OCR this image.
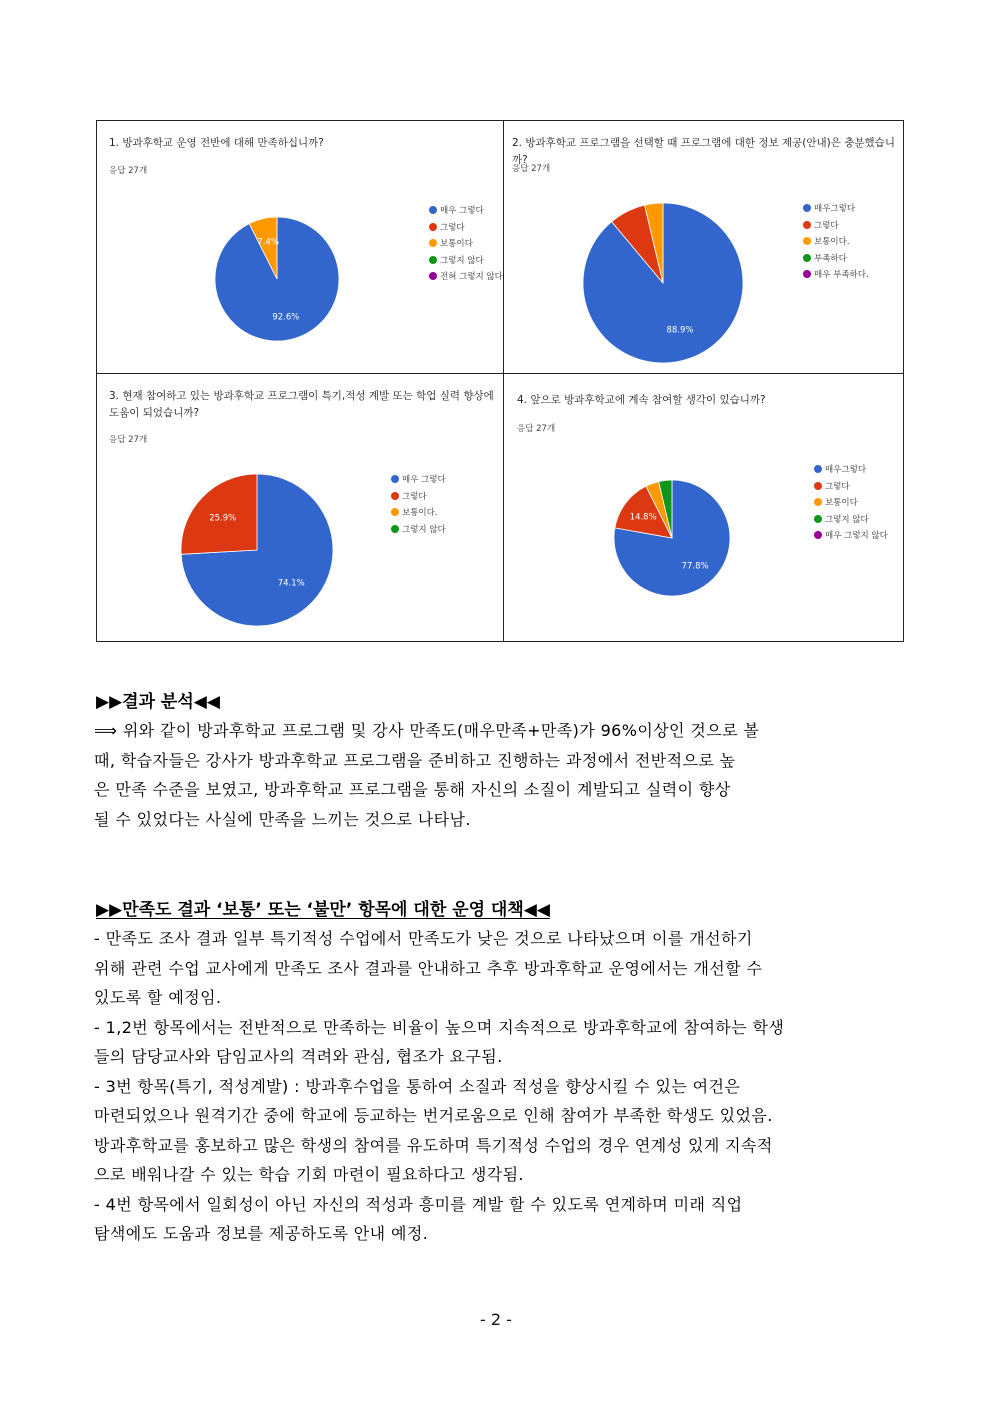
1. 방과후학교 운영 전반에 대해 만족하십니까?
응답 27개
92.6%
7.4%
매우 그렇다
그렇다
보통이다
그렇지 않다
전혀 그렇지 않다
2. 방과후학교 프로그램을 선택할 때 프로그램에 대한 정보 제공(안내)은 충분했습니까?
응답 27개
88.9%
매우그렇다
그렇다
보통이다.
부족하다
매우 부족하다.
3. 현재 참여하고 있는 방과후학교 프로그램이 특기,적성 계발 또는 학업 실력 향상에 도움이 되었습니까?
응답 27개
74.1%
25.9%
매우 그렇다
그렇다
보통이다.
그렇지 않다
4. 앞으로 방과후학교에 계속 참여할 생각이 있습니까?
응답 27개
77.8%
14.8%
매우그렇다
그렇다
보통이다
그렇지 않다
매우 그렇지 않다
▶▶결과 분석◀◀

⟹ 위와 같이 방과후학교 프로그램 및 강사 만족도(매우만족+만족)가 96%이상인 것으로 볼

때, 학습자들은 강사가 방과후학교 프로그램을 준비하고 진행하는 과정에서 전반적으로 높

은 만족 수준을 보였고, 방과후학교 프로그램을 통해 자신의 소질이 계발되고 실력이 향상

될 수 있었다는 사실에 만족을 느끼는 것으로 나타남.

▶▶만족도 결과 ‘보통’ 또는 ‘불만’ 항목에 대한 운영 대책◀◀

- 만족도 조사 결과 일부 특기적성 수업에서 만족도가 낮은 것으로 나타났으며 이를 개선하기

위해 관련 수업 교사에게 만족도 조사 결과를 안내하고 추후 방과후학교 운영에서는 개선할 수

있도록 할 예정임.

- 1,2번 항목에서는 전반적으로 만족하는 비율이 높으며 지속적으로 방과후학교에 참여하는 학생

들의 담당교사와 담임교사의 격려와 관심, 협조가 요구됨.

- 3번 항목(특기, 적성계발) : 방과후수업을 통하여 소질과 적성을 향상시킬 수 있는 여건은

마련되었으나 원격기간 중에 학교에 등교하는 번거로움으로 인해 참여가 부족한 학생도 있었음.

방과후학교를 홍보하고 많은 학생의 참여를 유도하며 특기적성 수업의 경우 연계성 있게 지속적

으로 배워나갈 수 있는 학습 기회 마련이 필요하다고 생각됨.

- 4번 항목에서 일회성이 아닌 자신의 적성과 흥미를 계발 할 수 있도록 연계하며 미래 직업

탐색에도 도움과 정보를 제공하도록 안내 예정.

- 2 -
